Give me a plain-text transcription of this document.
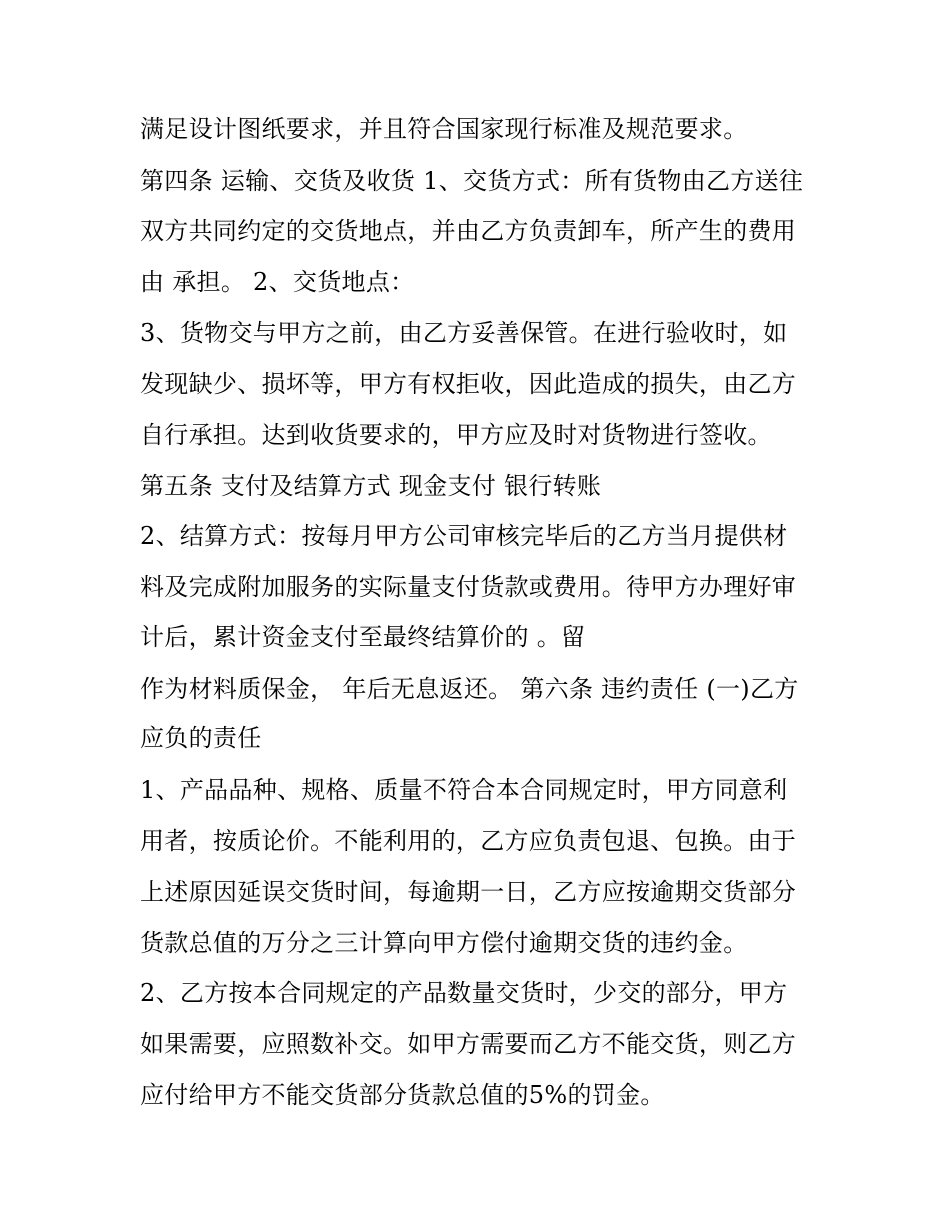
满足设计图纸要求，并且符合国家现行标准及规范要求。
第四条 运输、交货及收货 1、交货方式：所有货物由乙方送往
双方共同约定的交货地点，并由乙方负责卸车，所产生的费用
由 承担。 2、交货地点：
3、货物交与甲方之前，由乙方妥善保管。在进行验收时，如
发现缺少、损坏等，甲方有权拒收，因此造成的损失，由乙方
自行承担。达到收货要求的，甲方应及时对货物进行签收。
第五条 支付及结算方式 现金支付 银行转账
2、结算方式：按每月甲方公司审核完毕后的乙方当月提供材
料及完成附加服务的实际量支付货款或费用。待甲方办理好审
计后，累计资金支付至最终结算价的 。留
作为材料质保金， 年后无息返还。 第六条 违约责任 (一)乙方
应负的责任
1、产品品种、规格、质量不符合本合同规定时，甲方同意利
用者，按质论价。不能利用的，乙方应负责包退、包换。由于
上述原因延误交货时间，每逾期一日，乙方应按逾期交货部分
货款总值的万分之三计算向甲方偿付逾期交货的违约金。
2、乙方按本合同规定的产品数量交货时，少交的部分，甲方
如果需要，应照数补交。如甲方需要而乙方不能交货，则乙方
应付给甲方不能交货部分货款总值的5%的罚金。
